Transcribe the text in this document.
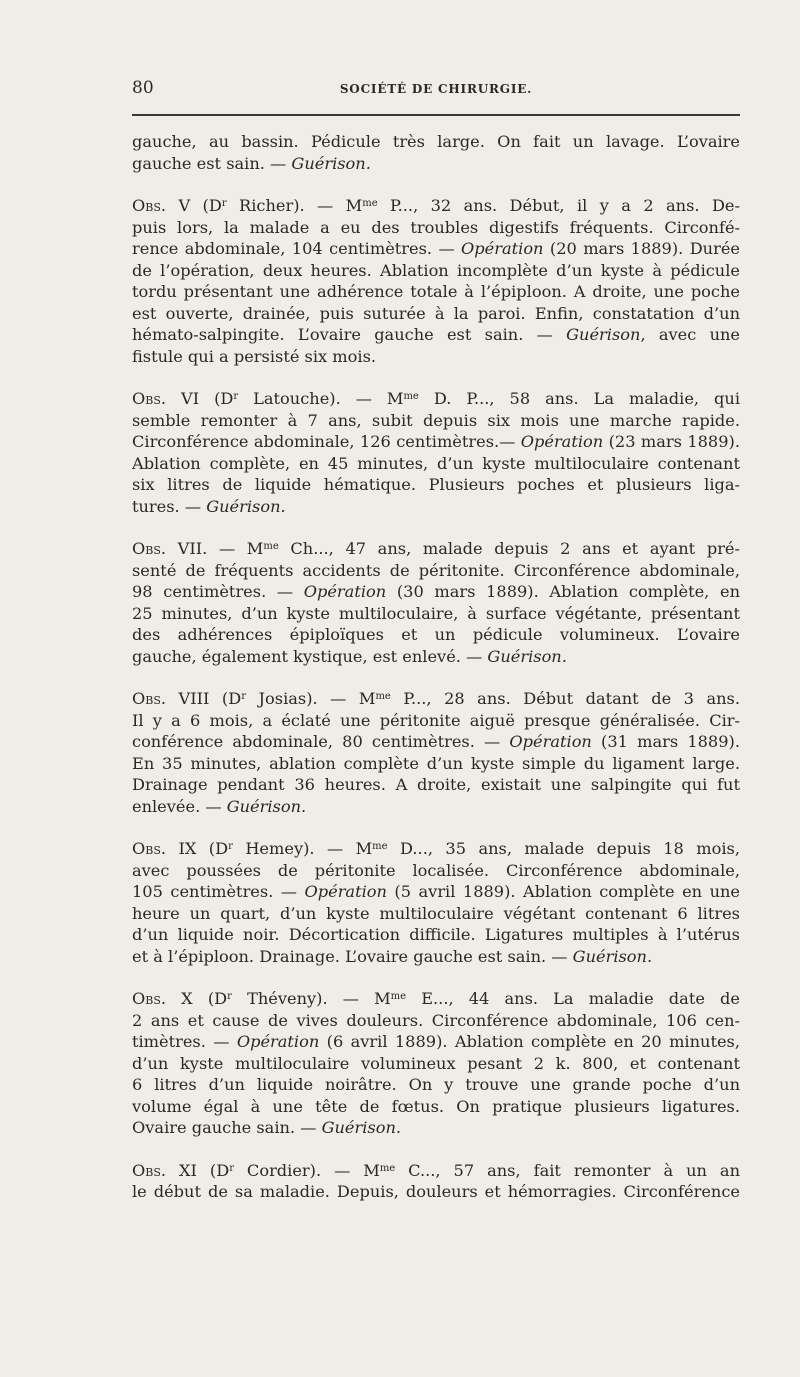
80	SOCIÉTÉ DE CHIRURGIE.
gauche, au bassin. Pédicule très large. On fait un lavage. L’ovaire
gauche est sain. — Guérison.
Obs. V ($D^r$ Richer). — $M^{me}$ P..., 32 ans. Début, il y a 2 ans. De-
puis lors, la malade a eu des troubles digestifs fréquents. Circonfé-
rence abdominale, 104 centimètres. — Opération (20 mars 1889). Durée
de l’opération, deux heures. Ablation incomplète d’un kyste à pédicule
tordu présentant une adhérence totale à l’épiploon. A droite, une poche
est ouverte, drainée, puis suturée à la paroi. Enfin, constatation d’un
hémato-salpingite. L’ovaire gauche est sain. — Guérison, avec une
fistule qui a persisté six mois.
Obs. VI ($D^r$ Latouche). — $M^{me}$ D. P..., 58 ans. La maladie, qui
semble remonter à 7 ans, subit depuis six mois une marche rapide.
Circonférence abdominale, 126 centimètres.— Opération (23 mars 1889).
Ablation complète, en 45 minutes, d’un kyste multiloculaire contenant
six litres de liquide hématique. Plusieurs poches et plusieurs liga-
tures. — Guérison.
Obs. VII. — $M^{me}$ Ch..., 47 ans, malade depuis 2 ans et ayant pré-
senté de fréquents accidents de péritonite. Circonférence abdominale,
98 centimètres. — Opération (30 mars 1889). Ablation complète, en
25 minutes, d’un kyste multiloculaire, à surface végétante, présentant
des adhérences épiploïques et un pédicule volumineux. L’ovaire
gauche, également kystique, est enlevé. — Guérison.
Obs. VIII ($D^r$ Josias). — $M^{me}$ P..., 28 ans. Début datant de 3 ans.
Il y a 6 mois, a éclaté une péritonite aiguë presque généralisée. Cir-
conférence abdominale, 80 centimètres. — Opération (31 mars 1889).
En 35 minutes, ablation complète d’un kyste simple du ligament large.
Drainage pendant 36 heures. A droite, existait une salpingite qui fut
enlevée. — Guérison.
Obs. IX ($D^r$ Hemey). — $M^{me}$ D..., 35 ans, malade depuis 18 mois,
avec poussées de péritonite localisée. Circonférence abdominale,
105 centimètres. — Opération (5 avril 1889). Ablation complète en une
heure un quart, d’un kyste multiloculaire végétant contenant 6 litres
d’un liquide noir. Décortication difficile. Ligatures multiples à l’utérus
et à l’épiploon. Drainage. L’ovaire gauche est sain. — Guérison.
Obs. X ($D^r$ Théveny). — $M^{me}$ E..., 44 ans. La maladie date de
2 ans et cause de vives douleurs. Circonférence abdominale, 106 cen-
timètres. — Opération (6 avril 1889). Ablation complète en 20 minutes,
d’un kyste multiloculaire volumineux pesant 2 k. 800, et contenant
6 litres d’un liquide noirâtre. On y trouve une grande poche d’un
volume égal à une tête de fœtus. On pratique plusieurs ligatures.
Ovaire gauche sain. — Guérison.
Obs. XI ($D^r$ Cordier). — $M^{me}$ C..., 57 ans, fait remonter à un an
le début de sa maladie. Depuis, douleurs et hémorragies. Circonférence
